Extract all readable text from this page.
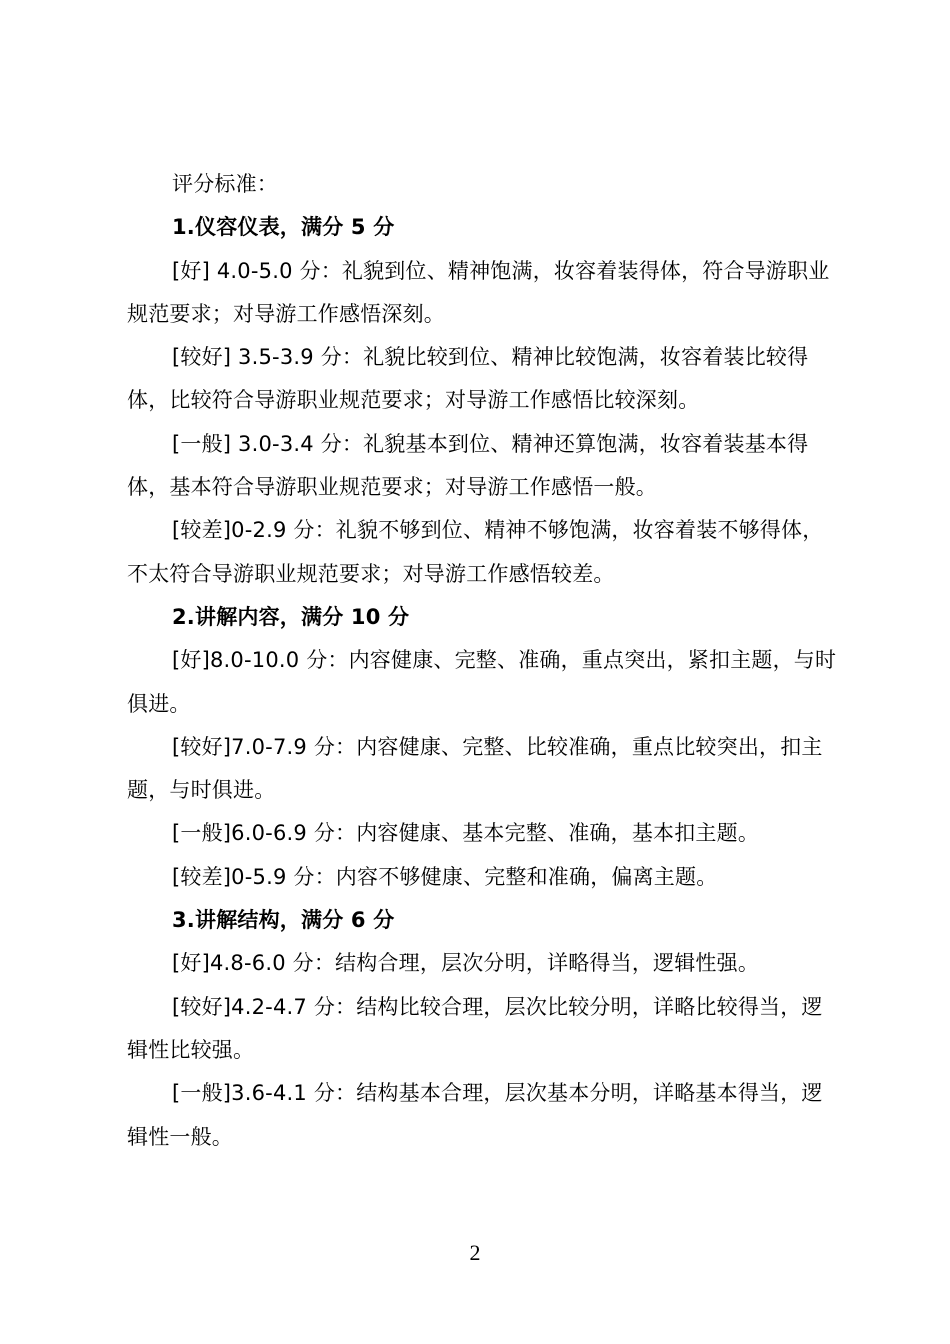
评分标准：

1.仪容仪表，满分 5 分

[好] 4.0-5.0 分：礼貌到位、精神饱满，妆容着装得体，符合导游职业规范要求；对导游工作感悟深刻。

[较好] 3.5-3.9 分：礼貌比较到位、精神比较饱满，妆容着装比较得体，比较符合导游职业规范要求；对导游工作感悟比较深刻。

[一般] 3.0-3.4 分：礼貌基本到位、精神还算饱满，妆容着装基本得体，基本符合导游职业规范要求；对导游工作感悟一般。

[较差]0-2.9 分：礼貌不够到位、精神不够饱满，妆容着装不够得体，不太符合导游职业规范要求；对导游工作感悟较差。

2.讲解内容，满分 10 分

[好]8.0-10.0 分：内容健康、完整、准确，重点突出，紧扣主题，与时俱进。

[较好]7.0-7.9 分：内容健康、完整、比较准确，重点比较突出，扣主题，与时俱进。

[一般]6.0-6.9 分：内容健康、基本完整、准确，基本扣主题。

[较差]0-5.9 分：内容不够健康、完整和准确，偏离主题。

3.讲解结构，满分 6 分

[好]4.8-6.0 分：结构合理，层次分明，详略得当，逻辑性强。

[较好]4.2-4.7 分：结构比较合理，层次比较分明，详略比较得当，逻辑性比较强。

[一般]3.6-4.1 分：结构基本合理，层次基本分明，详略基本得当，逻辑性一般。

2
